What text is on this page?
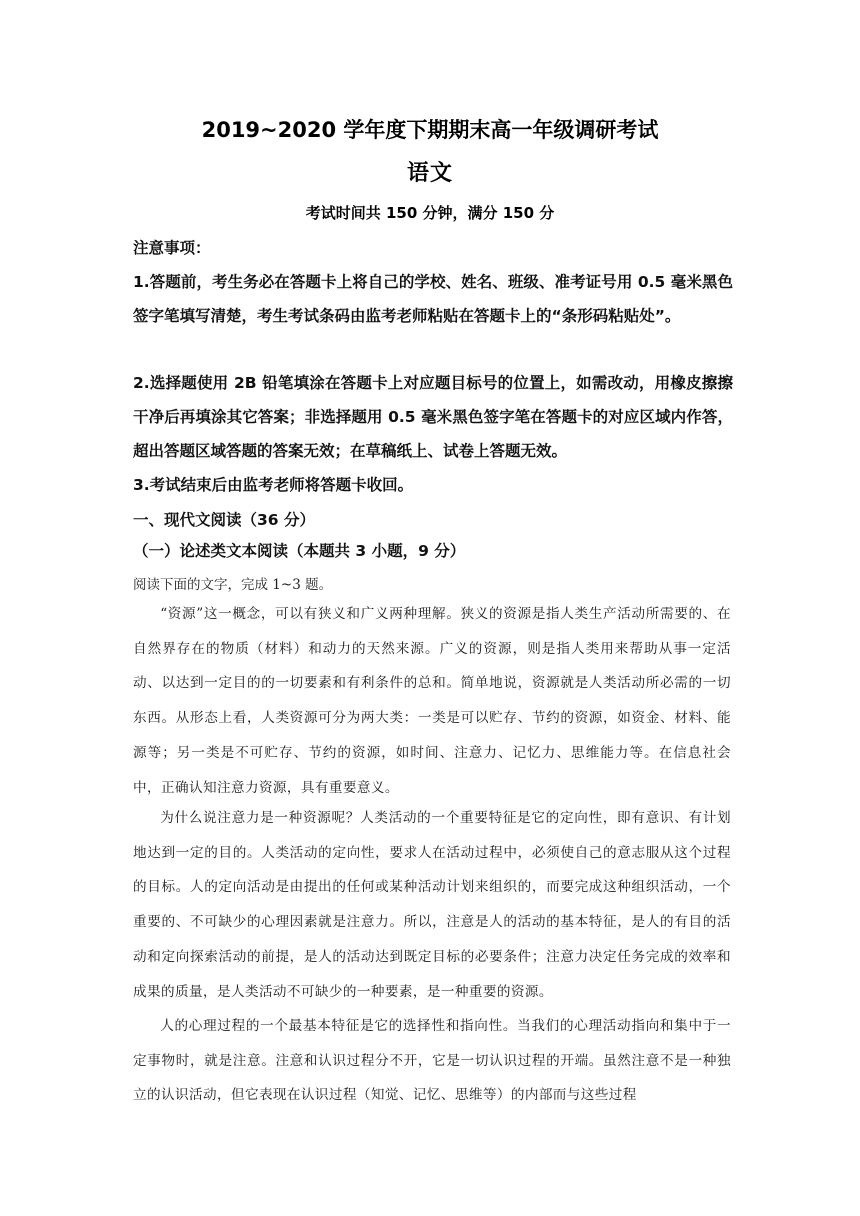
2019~2020 学年度下期期末高一年级调研考试
语文
考试时间共 150 分钟，满分 150 分
注意事项：
1.答题前，考生务必在答题卡上将自己的学校、姓名、班级、准考证号用 0.5 毫米黑色签字笔填写清楚，考生考试条码由监考老师粘贴在答题卡上的“条形码粘贴处”。
2.选择题使用 2B 铅笔填涂在答题卡上对应题目标号的位置上，如需改动，用橡皮擦擦干净后再填涂其它答案；非选择题用 0.5 毫米黑色签字笔在答题卡的对应区域内作答，超出答题区域答题的答案无效；在草稿纸上、试卷上答题无效。
3.考试结束后由监考老师将答题卡收回。
一、现代文阅读（36 分）
（一）论述类文本阅读（本题共 3 小题，9 分）
阅读下面的文字，完成 1~3 题。
“资源”这一概念，可以有狭义和广义两种理解。狭义的资源是指人类生产活动所需要的、在自然界存在的物质（材料）和动力的天然来源。广义的资源，则是指人类用来帮助从事一定活动、以达到一定目的的一切要素和有利条件的总和。简单地说，资源就是人类活动所必需的一切东西。从形态上看，人类资源可分为两大类：一类是可以贮存、节约的资源，如资金、材料、能源等；另一类是不可贮存、节约的资源，如时间、注意力、记忆力、思维能力等。在信息社会中，正确认知注意力资源，具有重要意义。
为什么说注意力是一种资源呢？人类活动的一个重要特征是它的定向性，即有意识、有计划地达到一定的目的。人类活动的定向性，要求人在活动过程中，必须使自己的意志服从这个过程的目标。人的定向活动是由提出的任何或某种活动计划来组织的，而要完成这种组织活动，一个重要的、不可缺少的心理因素就是注意力。所以，注意是人的活动的基本特征，是人的有目的活动和定向探索活动的前提，是人的活动达到既定目标的必要条件；注意力决定任务完成的效率和成果的质量，是人类活动不可缺少的一种要素，是一种重要的资源。
人的心理过程的一个最基本特征是它的选择性和指向性。当我们的心理活动指向和集中于一定事物时，就是注意。注意和认识过程分不开，它是一切认识过程的开端。虽然注意不是一种独立的认识活动，但它表现在认识过程（知觉、记忆、思维等）的内部而与这些过程
